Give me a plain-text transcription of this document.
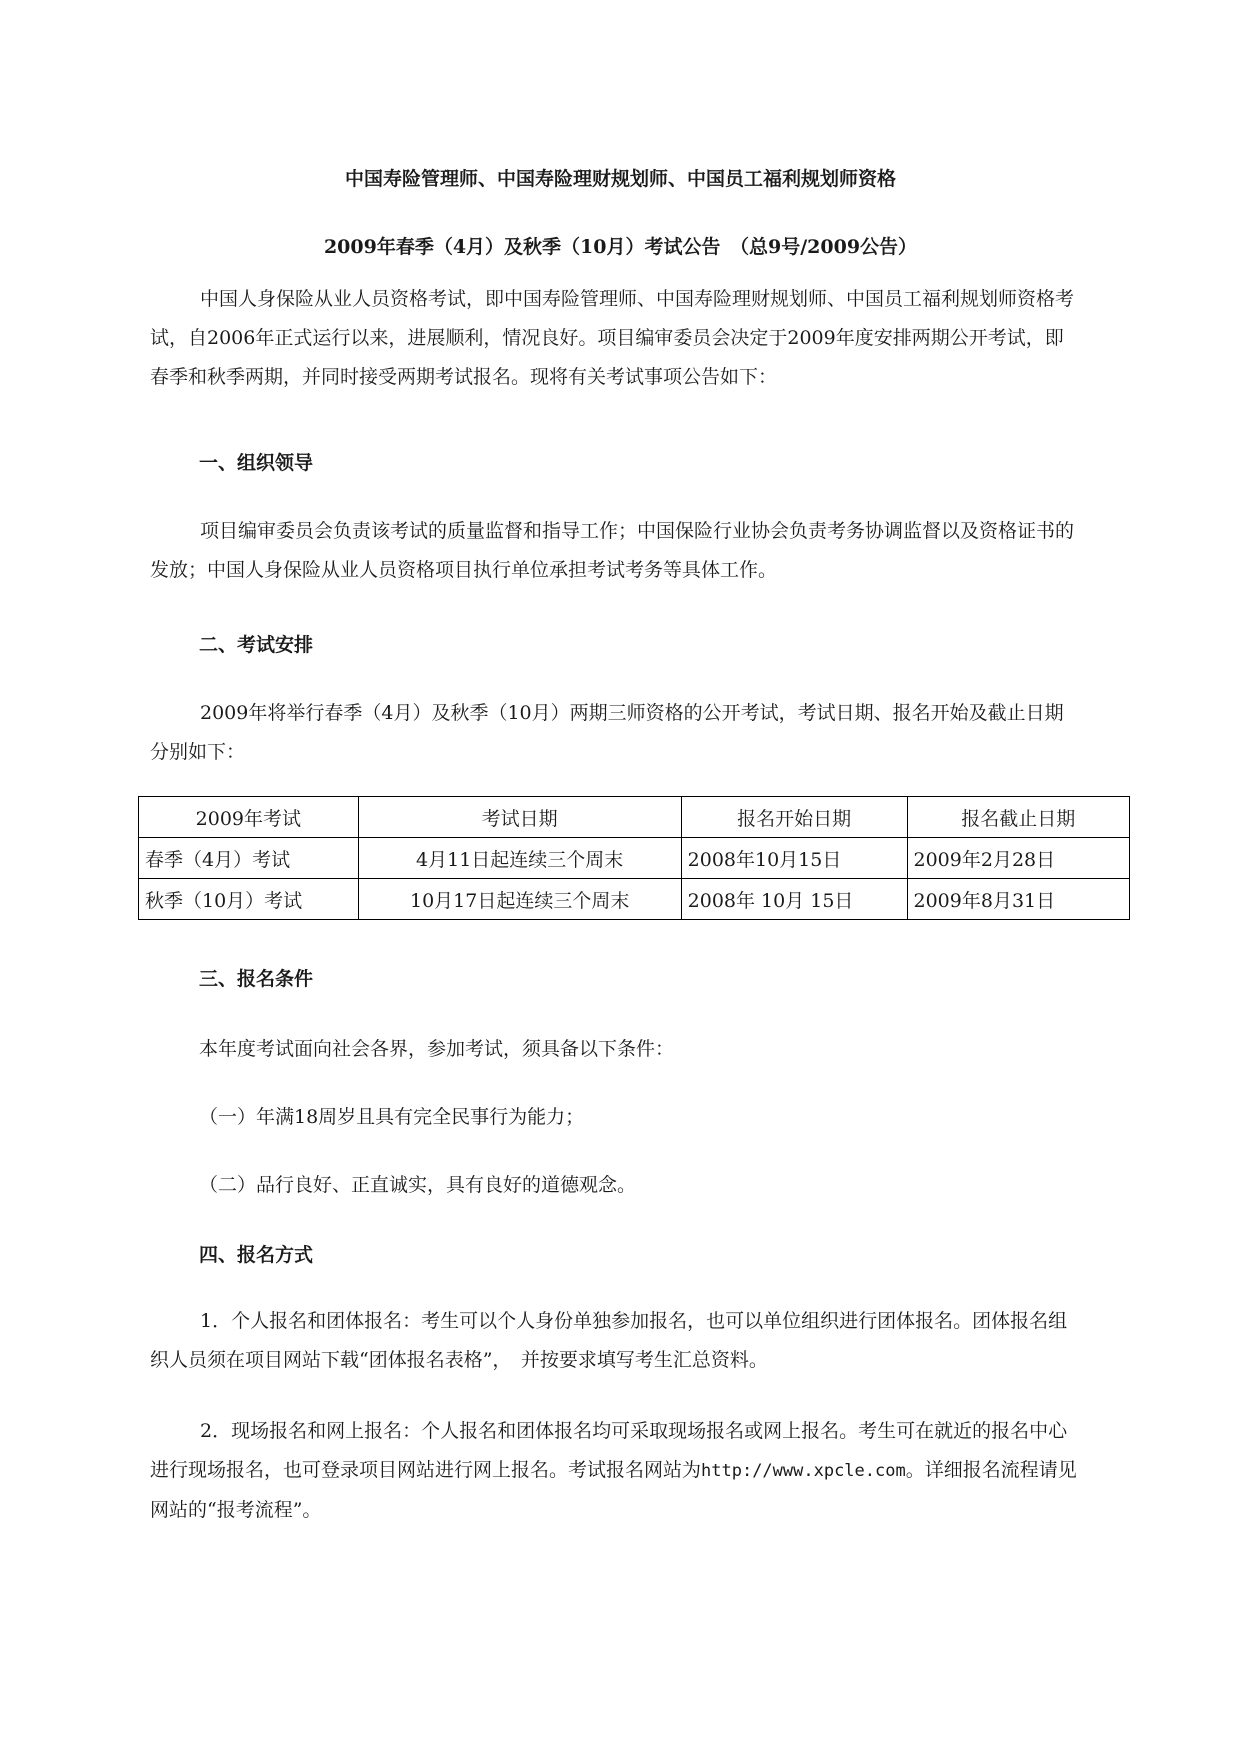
中国寿险管理师、中国寿险理财规划师、中国员工福利规划师资格
2009年春季（4月）及秋季（10月）考试公告　（总9号/2009公告）

中国人身保险从业人员资格考试，即中国寿险管理师、中国寿险理财规划师、中国员工福利规划师资格考试，自2006年正式运行以来，进展顺利，情况良好。项目编审委员会决定于2009年度安排两期公开考试，即春季和秋季两期，并同时接受两期考试报名。现将有关考试事项公告如下：

一、组织领导

项目编审委员会负责该考试的质量监督和指导工作；中国保险行业协会负责考务协调监督以及资格证书的发放；中国人身保险从业人员资格项目执行单位承担考试考务等具体工作。

二、考试安排

2009年将举行春季（4月）及秋季（10月）两期三师资格的公开考试，考试日期、报名开始及截止日期分别如下：

2009年考试	考试日期	报名开始日期	报名截止日期
春季（4月）考试	4月11日起连续三个周末	2008年10月15日	2009年2月28日
秋季（10月）考试	10月17日起连续三个周末	2008年 10月 15日	2009年8月31日
三、报名条件
本年度考试面向社会各界，参加考试，须具备以下条件：
（一）年满18周岁且具有完全民事行为能力；
（二）品行良好、正直诚实，具有良好的道德观念。
四、报名方式

1．个人报名和团体报名：考生可以个人身份单独参加报名，也可以单位组织进行团体报名。团体报名组织人员须在项目网站下载“团体报名表格”，　并按要求填写考生汇总资料。

2．现场报名和网上报名：个人报名和团体报名均可采取现场报名或网上报名。考生可在就近的报名中心进行现场报名，也可登录项目网站进行网上报名。考试报名网站为http://www.xpcle.com。详细报名流程请见网站的“报考流程”。
